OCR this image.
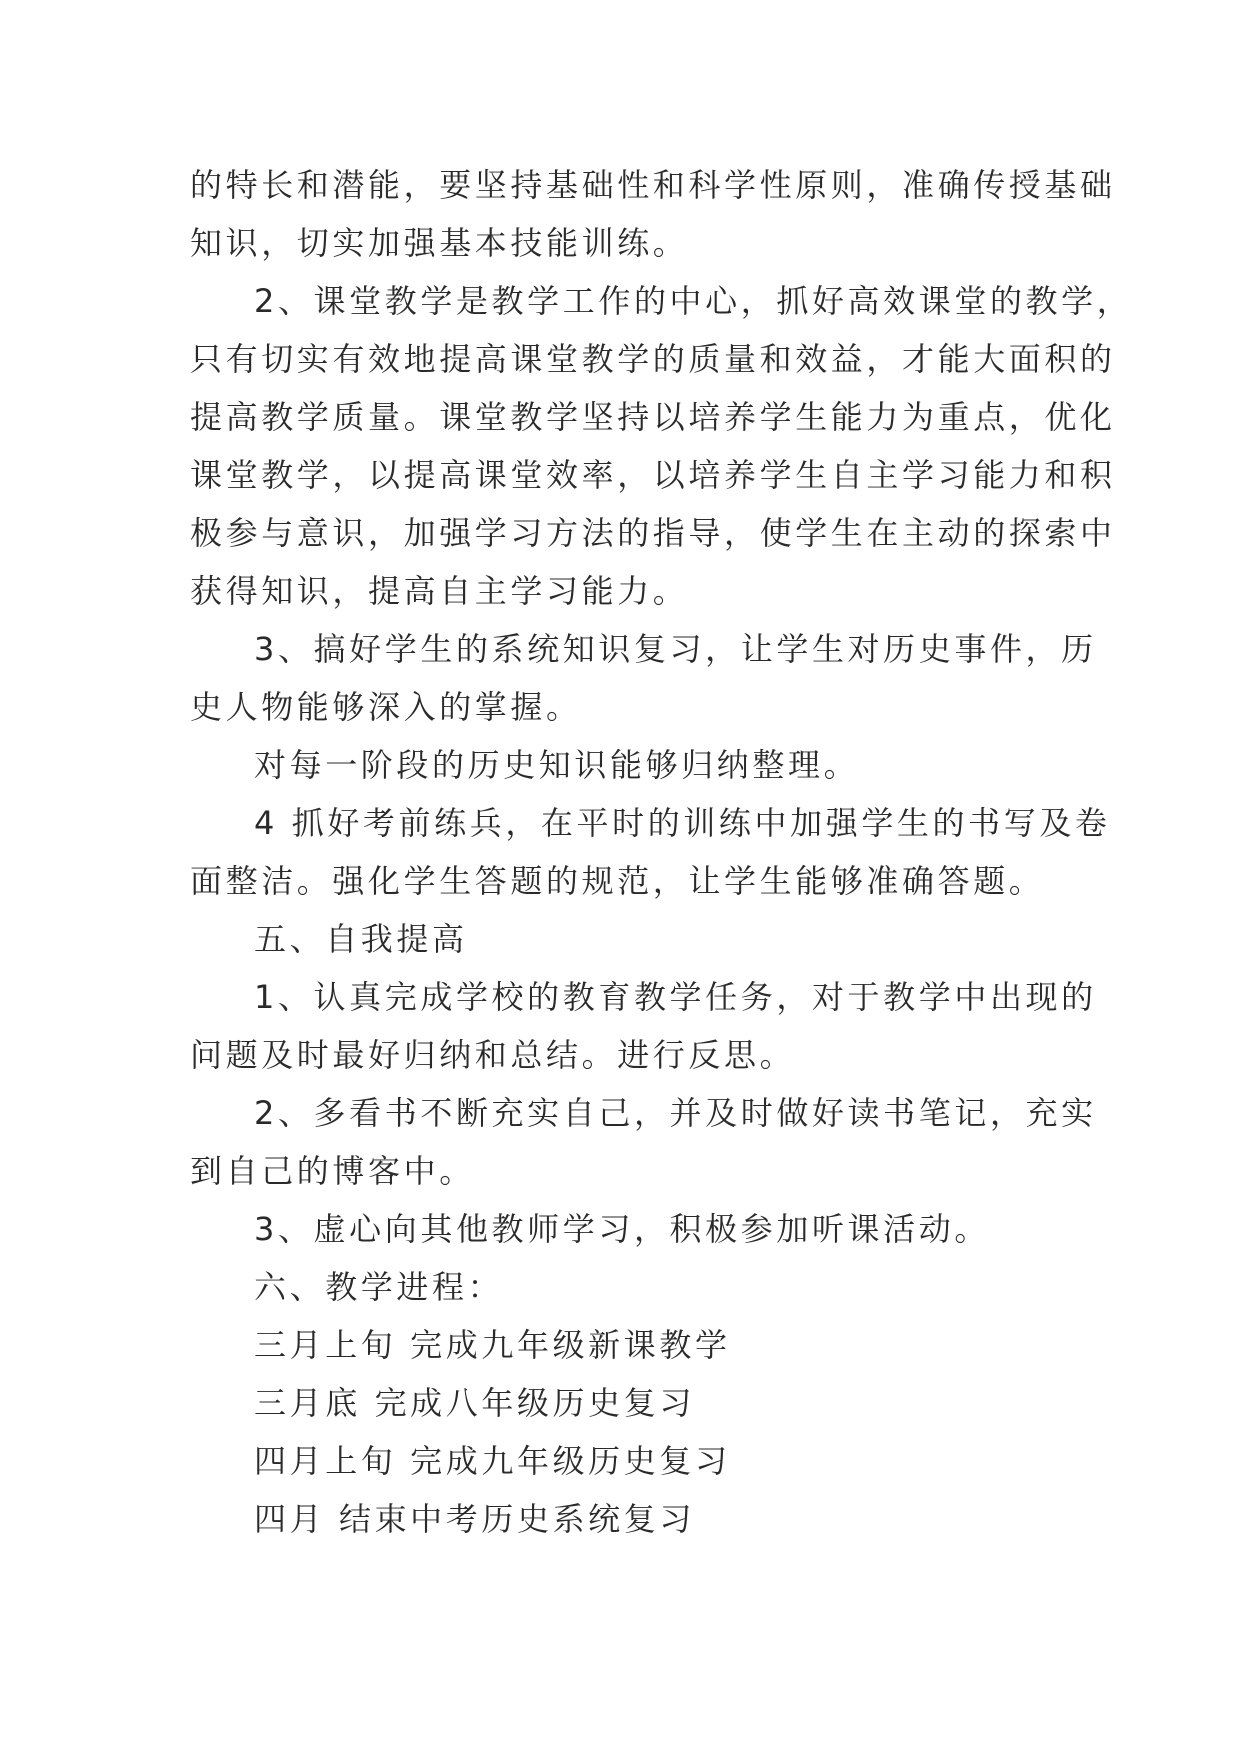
的特长和潜能，要坚持基础性和科学性原则，准确传授基础
知识，切实加强基本技能训练。
2、课堂教学是教学工作的中心，抓好高效课堂的教学，
只有切实有效地提高课堂教学的质量和效益，才能大面积的
提高教学质量。课堂教学坚持以培养学生能力为重点，优化
课堂教学，以提高课堂效率，以培养学生自主学习能力和积
极参与意识，加强学习方法的指导，使学生在主动的探索中
获得知识，提高自主学习能力。
3、搞好学生的系统知识复习，让学生对历史事件，历
史人物能够深入的掌握。
对每一阶段的历史知识能够归纳整理。
4 抓好考前练兵，在平时的训练中加强学生的书写及卷
面整洁。强化学生答题的规范，让学生能够准确答题。
五、自我提高
1、认真完成学校的教育教学任务，对于教学中出现的
问题及时最好归纳和总结。进行反思。
2、多看书不断充实自己，并及时做好读书笔记，充实
到自己的博客中。
3、虚心向其他教师学习，积极参加听课活动。
六、教学进程：
三月上旬 完成九年级新课教学
三月底 完成八年级历史复习
四月上旬 完成九年级历史复习
四月 结束中考历史系统复习
